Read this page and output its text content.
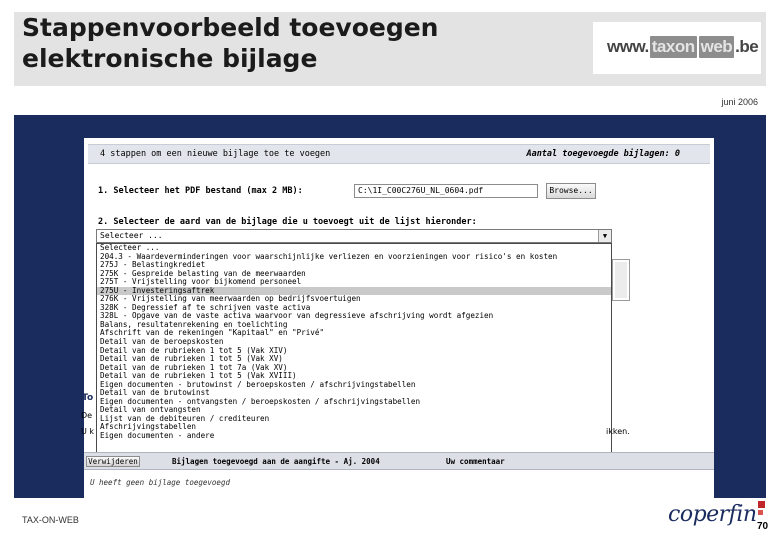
Stappenvoorbeeld toevoegen
elektronische bijlage	www. taxon web .be
juni 2006
4 stappen om een nieuwe bijlage toe te voegen	Aantal toegevoegde bijlagen: 0
1. Selecteer het PDF bestand (max 2 MB):	C:\1I_C00C276U_NL_0604.pdf	Browse...
2. Selecteer de aard van de bijlage die u toevoegt uit de lijst hieronder:
Selecteer ...	▼
Selecteer ...
204.3 - Waardeverminderingen voor waarschijnlijke verliezen en voorzieningen voor risico's en kosten
275J - Belastingkrediet
275K - Gespreide belasting van de meerwaarden
275T - Vrijstelling voor bijkomend personeel
275U - Investeringsaftrek
276K - Vrijstelling van meerwaarden op bedrijfsvoertuigen
328K - Degressief af te schrijven vaste activa
328L - Opgave van de vaste activa waarvoor van degressieve afschrijving wordt afgezien
Balans, resultatenrekening en toelichting
Afschrift van de rekeningen "Kapitaal" en "Privé"
Detail van de beroepskosten
Detail van de rubrieken 1 tot 5 (Vak XIV)
Detail van de rubrieken 1 tot 5 (Vak XV)
Detail van de rubrieken 1 tot 7a (Vak XV)
Detail van de rubrieken 1 tot 5 (Vak XVIII)
Eigen documenten - brutowinst / beroepskosten / afschrijvingstabellen
Detail van de brutowinst
Eigen documenten - ontvangsten / beroepskosten / afschrijvingstabellen
Detail van ontvangsten
Lijst van de debiteuren / crediteuren
Afschrijvingstabellen
Eigen documenten - andere
To
De
U k	ikken.
Verwijderen	Bijlagen toegevoegd aan de aangifte - Aj. 2004	Uw commentaar
U heeft geen bijlage toegevoegd
TAX-ON-WEB	coperfin 70
